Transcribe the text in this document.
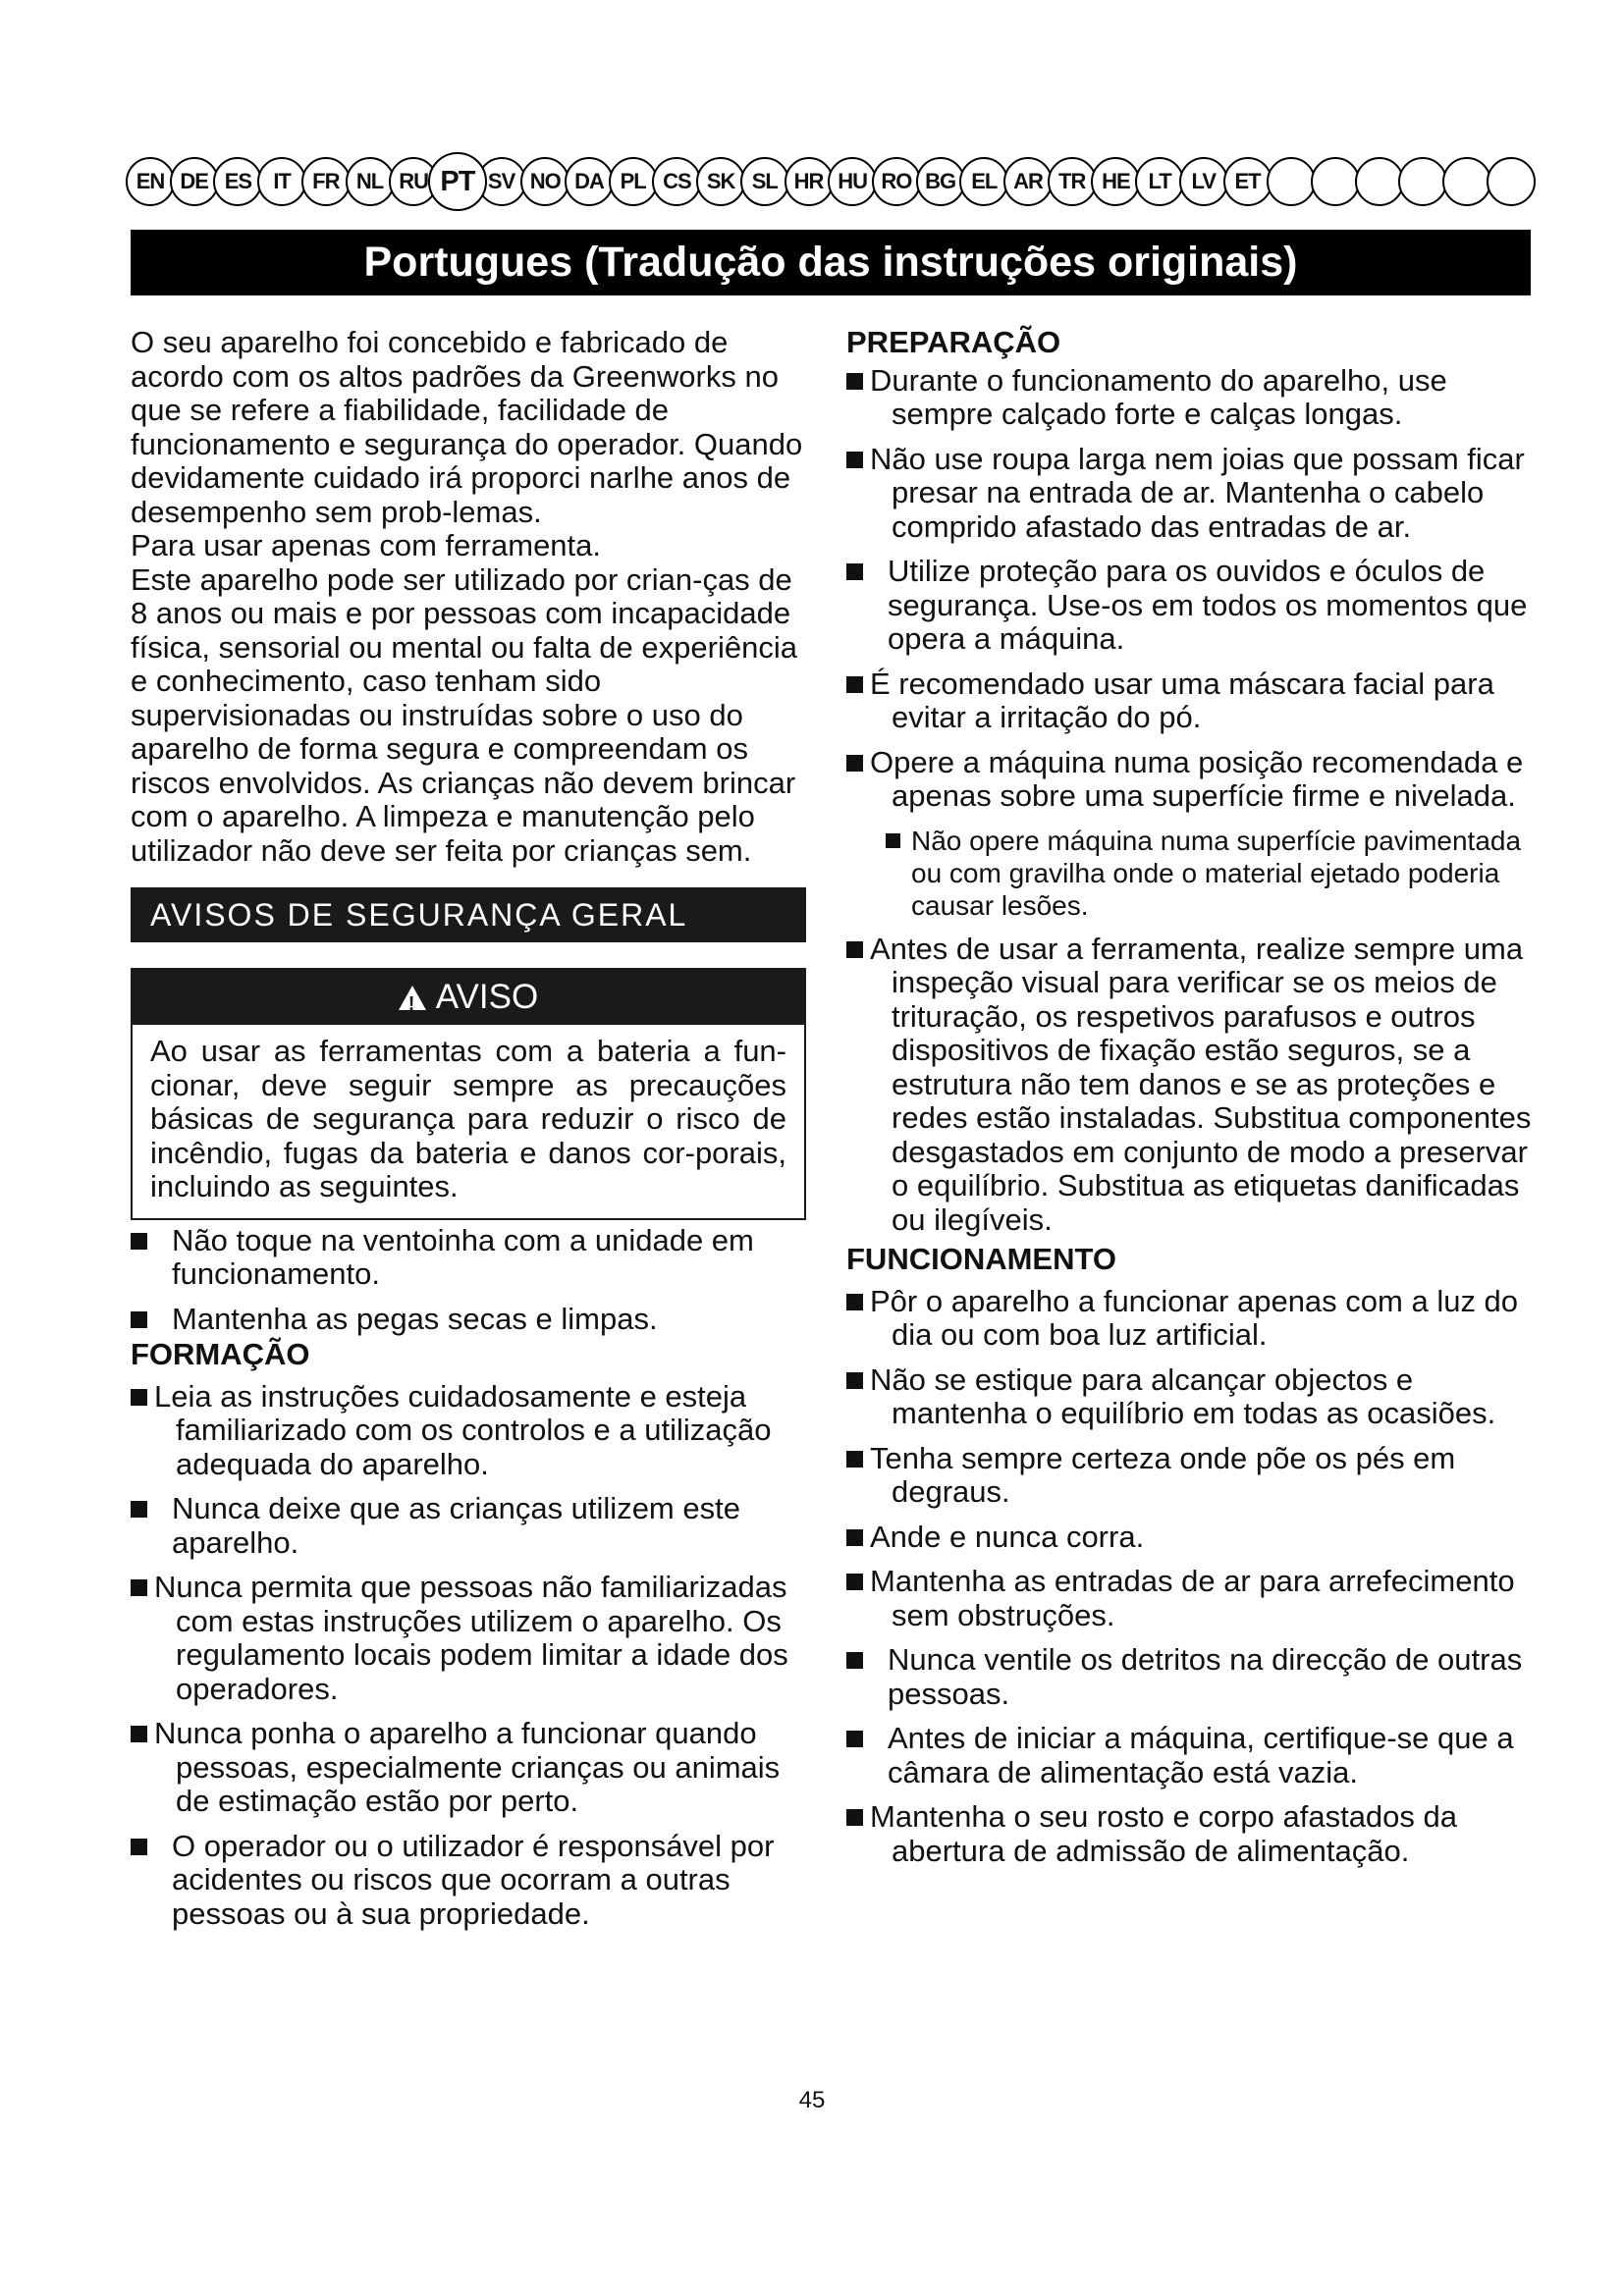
EN DE ES	IT	FR NL RU PT SV NO DA PL CS SK SL HR HU RO BG EL AR TR HE LT LV ET
Portugues (Tradução das instruções originais)

O seu aparelho foi concebido e fabricado de acordo com os altos padrões da Greenworks no que se refere a fiabilidade, facilidade de funcionamento e segurança do operador. Quando devidamente cuidado irá proporci narlhe anos de desempenho sem prob-lemas.

Para usar apenas com ferramenta.

Este aparelho pode ser utilizado por crian-ças de 8 anos ou mais e por pessoas com incapacidade física, sensorial ou mental ou falta de experiência e conhecimento, caso tenham sido supervisionadas ou instruídas sobre o uso do aparelho de forma segura e compreendam os riscos envolvidos. As crianças não devem brincar com o aparelho. A limpeza e manutenção pelo utilizador não deve ser feita por crianças sem.

AVISOS DE SEGURANÇA GERAL
!
AVISO
Ao usar as ferramentas com a bateria a fun-cionar, deve seguir sempre as precauções básicas de segurança para reduzir o risco de incêndio, fugas da bateria e danos cor-porais, incluindo as seguintes.
Não toque na ventoinha com a unidade em funcionamento.
Mantenha as pegas secas e limpas.

FORMAÇÃO

Leia as instruções cuidadosamente e esteja familiarizado com os controlos e a utilização adequada do aparelho.
Nunca deixe que as crianças utilizem este aparelho.
Nunca permita que pessoas não familiarizadas com estas instruções utilizem o aparelho. Os regulamento locais podem limitar a idade dos operadores.
Nunca ponha o aparelho a funcionar quando pessoas, especialmente crianças ou animais de estimação estão por perto.
O operador ou o utilizador é responsável por acidentes ou riscos que ocorram a outras pessoas ou à sua propriedade.

PREPARAÇÃO

Durante o funcionamento do aparelho, use sempre calçado forte e calças longas.
Não use roupa larga nem joias que possam ficar presar na entrada de ar. Mantenha o cabelo comprido afastado das entradas de ar.
Utilize proteção para os ouvidos e óculos de segurança. Use-os em todos os momentos que opera a máquina.
É recomendado usar uma máscara facial para evitar a irritação do pó.
Opere a máquina numa posição recomendada e apenas sobre uma superfície firme e nivelada.
Não opere máquina numa superfície pavimentada ou com gravilha onde o material ejetado poderia causar lesões.
Antes de usar a ferramenta, realize sempre uma inspeção visual para verificar se os meios de trituração, os respetivos parafusos e outros dispositivos de fixação estão seguros, se a estrutura não tem danos e se as proteções e redes estão instaladas. Substitua componentes desgastados em conjunto de modo a preservar o equilíbrio. Substitua as etiquetas danificadas ou ilegíveis.

FUNCIONAMENTO

Pôr o aparelho a funcionar apenas com a luz do dia ou com boa luz artificial.
Não se estique para alcançar objectos e mantenha o equilíbrio em todas as ocasiões.
Tenha sempre certeza onde põe os pés em degraus.
Ande e nunca corra.
Mantenha as entradas de ar para arrefecimento sem obstruções.
Nunca ventile os detritos na direcção de outras pessoas.
Antes de iniciar a máquina, certifique-se que a câmara de alimentação está vazia.
Mantenha o seu rosto e corpo afastados da abertura de admissão de alimentação.
45
